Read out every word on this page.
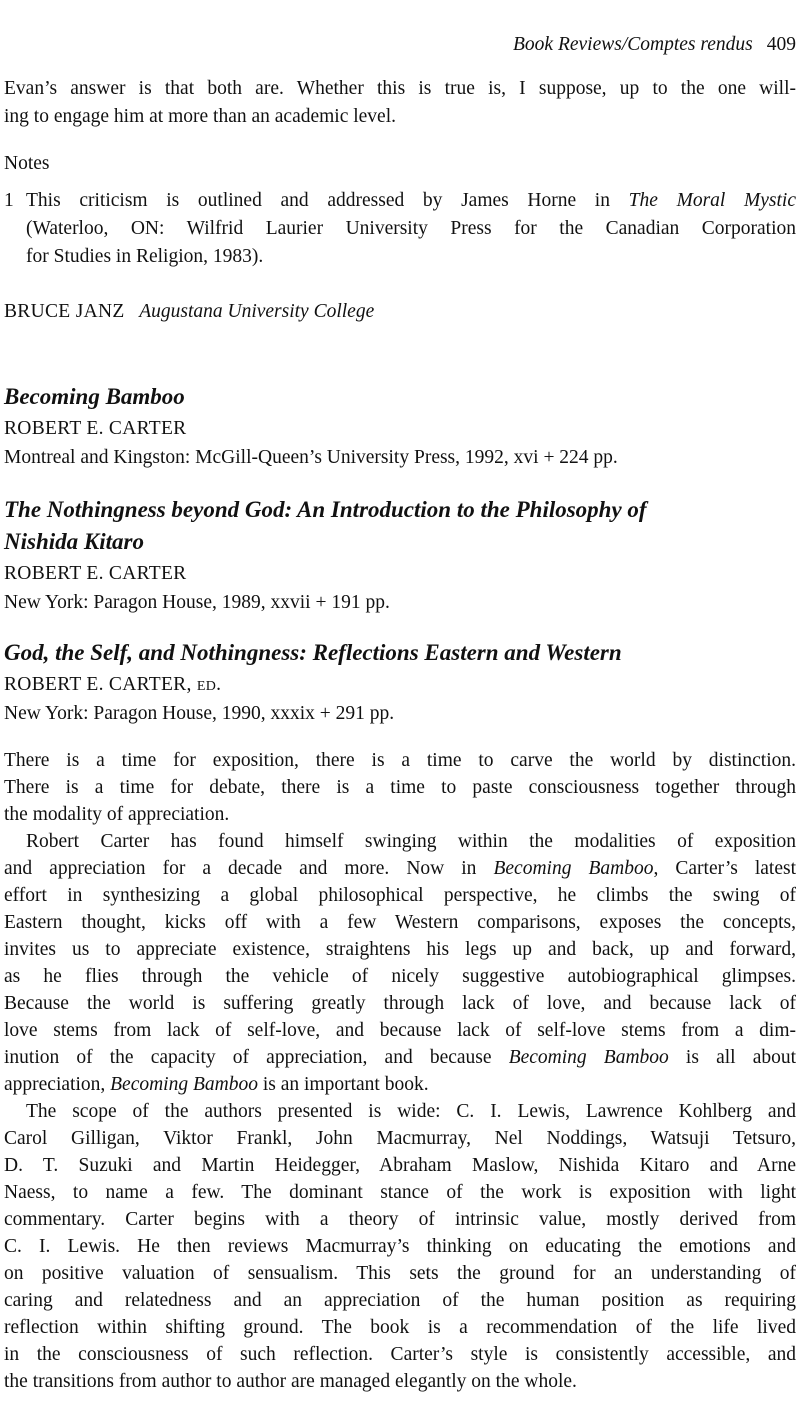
Book Reviews/Comptes rendus 409
Evan’s answer is that both are. Whether this is true is, I suppose, up to the one will-
ing to engage him at more than an academic level.
Notes
1 This criticism is outlined and addressed by James Horne in The Moral Mystic
(Waterloo, ON: Wilfrid Laurier University Press for the Canadian Corporation
for Studies in Religion, 1983).
BRUCE JANZ Augustana University College
Becoming Bamboo
ROBERT E. CARTER
Montreal and Kingston: McGill-Queen’s University Press, 1992, xvi + 224 pp.
The Nothingness beyond God: An Introduction to the Philosophy of
Nishida Kitaro
ROBERT E. CARTER
New York: Paragon House, 1989, xxvii + 191 pp.
God, the Self, and Nothingness: Reflections Eastern and Western
ROBERT E. CARTER, ed.
New York: Paragon House, 1990, xxxix + 291 pp.
There is a time for exposition, there is a time to carve the world by distinction.
There is a time for debate, there is a time to paste consciousness together through
the modality of appreciation.
Robert Carter has found himself swinging within the modalities of exposition
and appreciation for a decade and more. Now in Becoming Bamboo, Carter’s latest
effort in synthesizing a global philosophical perspective, he climbs the swing of
Eastern thought, kicks off with a few Western comparisons, exposes the concepts,
invites us to appreciate existence, straightens his legs up and back, up and forward,
as he flies through the vehicle of nicely suggestive autobiographical glimpses.
Because the world is suffering greatly through lack of love, and because lack of
love stems from lack of self-love, and because lack of self-love stems from a dim-
inution of the capacity of appreciation, and because Becoming Bamboo is all about
appreciation, Becoming Bamboo is an important book.
The scope of the authors presented is wide: C. I. Lewis, Lawrence Kohlberg and
Carol Gilligan, Viktor Frankl, John Macmurray, Nel Noddings, Watsuji Tetsuro,
D. T. Suzuki and Martin Heidegger, Abraham Maslow, Nishida Kitaro and Arne
Naess, to name a few. The dominant stance of the work is exposition with light
commentary. Carter begins with a theory of intrinsic value, mostly derived from
C. I. Lewis. He then reviews Macmurray’s thinking on educating the emotions and
on positive valuation of sensualism. This sets the ground for an understanding of
caring and relatedness and an appreciation of the human position as requiring
reflection within shifting ground. The book is a recommendation of the life lived
in the consciousness of such reflection. Carter’s style is consistently accessible, and
the transitions from author to author are managed elegantly on the whole.
